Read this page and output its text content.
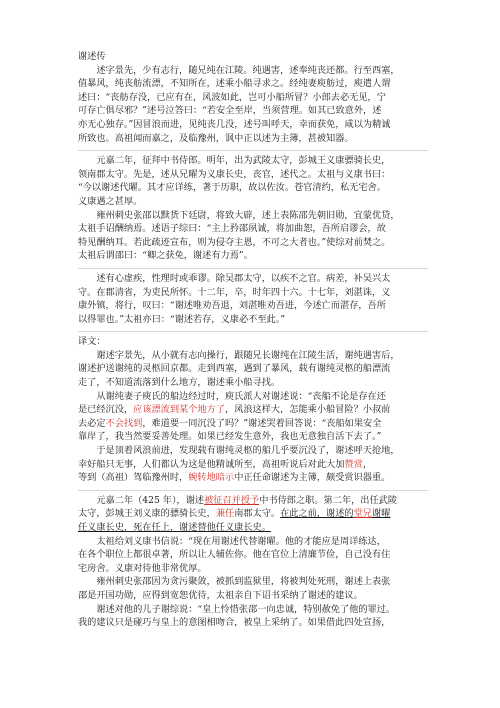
谢述传
　　述字景先，少有志行，随兄纯在江陵。纯遇害，述奉纯丧还都。行至西塞，
值暴风，纯丧舫流漂，不知所在，述乘小船寻求之。经纯妻庾舫过，庾遣人谓
述曰：“丧舫存没，已应有在，风波如此，岂可小船所冒？小郎去必无见，宁
可存亡俱尽邪？”述号泣答曰：“若安全至岸，当须营理。如其已致意外，述
亦无心独存。”因冒浪而进，见纯丧几没，述号叫呼天，幸而获免，咸以为精诚
所致也。高祖闻而嘉之，及临豫州，讽中正以述为主簿，甚被知器。
　　元嘉二年，征拜中书侍郎。明年，出为武陵太守，彭城王义康骠骑长史，
领南郡太守。先是，述从兄曜为义康长史，丧官，述代之。太祖与义康书曰：
“今以谢述代曜。其才应详练，著于历职，故以佐汝。苍官清约，私无宅舍。
义康遇之甚厚。
　　雍州刺史张邵以黩货下廷尉，将致大辟，述上表陈邵先朝旧勋，宜蒙优贷，
太祖手诏酬纳焉。述语子综曰：“主上矜邵夙诚，将加曲恕，吾所启谬会，故
特见酬纳耳。若此疏迹宣布，则为侵夺主恩，不可之大者也。”使综对前焚之。
太祖后谓邵曰：“卿之获免，谢述有力焉”。
　　述有心虚疾，性理时或乖谬。除吴郡太守，以疾不之官。病差，补吴兴太
守。在郡清省，为吏民所怀。十二年，卒，时年四十六。十七年，刘湛诛，义
康外镇，将行，叹曰：“谢述唯劝吾退，刘湛唯劝吾进，今述亡而湛存，吾所
以得罪也。”太祖亦曰：“谢述若存，义康必不至此。”
译文：
　　谢述字景先，从小就有志向操行，跟随兄长谢纯在江陵生活，谢纯遇害后，
谢述护送谢纯的灵柩回京都。走到西塞，遇到了暴风，载有谢纯灵柩的船漂流
走了，不知道流落到什么地方，谢述乘小船寻找。
　　从谢纯妻子庾氏的船边经过时，庾氏派人对谢述说：“丧船不论是存在还
是已经沉没，应该漂流到某个地方了，风浪这样大，怎能乘小船冒险？小叔前
去必定不会找到，难道要一同沉没了吗？”谢述哭着回答说：“丧船如果安全
靠岸了，我当然要妥善处理。如果已经发生意外，我也无意独自活下去了。”
　　于是顶着风浪前进，发现载有谢纯灵柩的船几乎要沉没了，谢述呼天抢地，
幸好船只无事，人们都认为这是他精诚所至，高祖听说后对此大加赞赏，
等到（高祖）驾临豫州时，婉转地暗示中正任命谢述为主簿，颇受赏识器重。
　　元嘉二年（425 年），谢述被征召并授予中书侍郎之职。第二年，出任武陵
太守，彭城王刘义康的骠骑长史，兼任南郡太守。在此之前，谢述的堂兄谢曜
任义康长史，死在任上，谢述替他任义康长史。
　　太祖给刘义康书信说：“现在用谢述代替谢曜。他的才能应是周详练达，
在各个职位上都很卓著，所以让人辅佐你。他在官位上清廉节俭，自己没有住
宅房舍。义康对待他非常优厚。
　　雍州刺史张邵因为贪污聚敛，被抓到监狱里，将被判处死刑，谢述上表张
邵是开国功勋，应得到宽恕优待，太祖亲自下诏书采纳了谢述的建议。
　　谢述对他的儿子谢综说：“皇上怜惜张邵一向忠诚，特别赦免了他的罪过。
我的建议只是碰巧与皇上的意图相吻合，被皇上采纳了。如果借此四处宣扬，
